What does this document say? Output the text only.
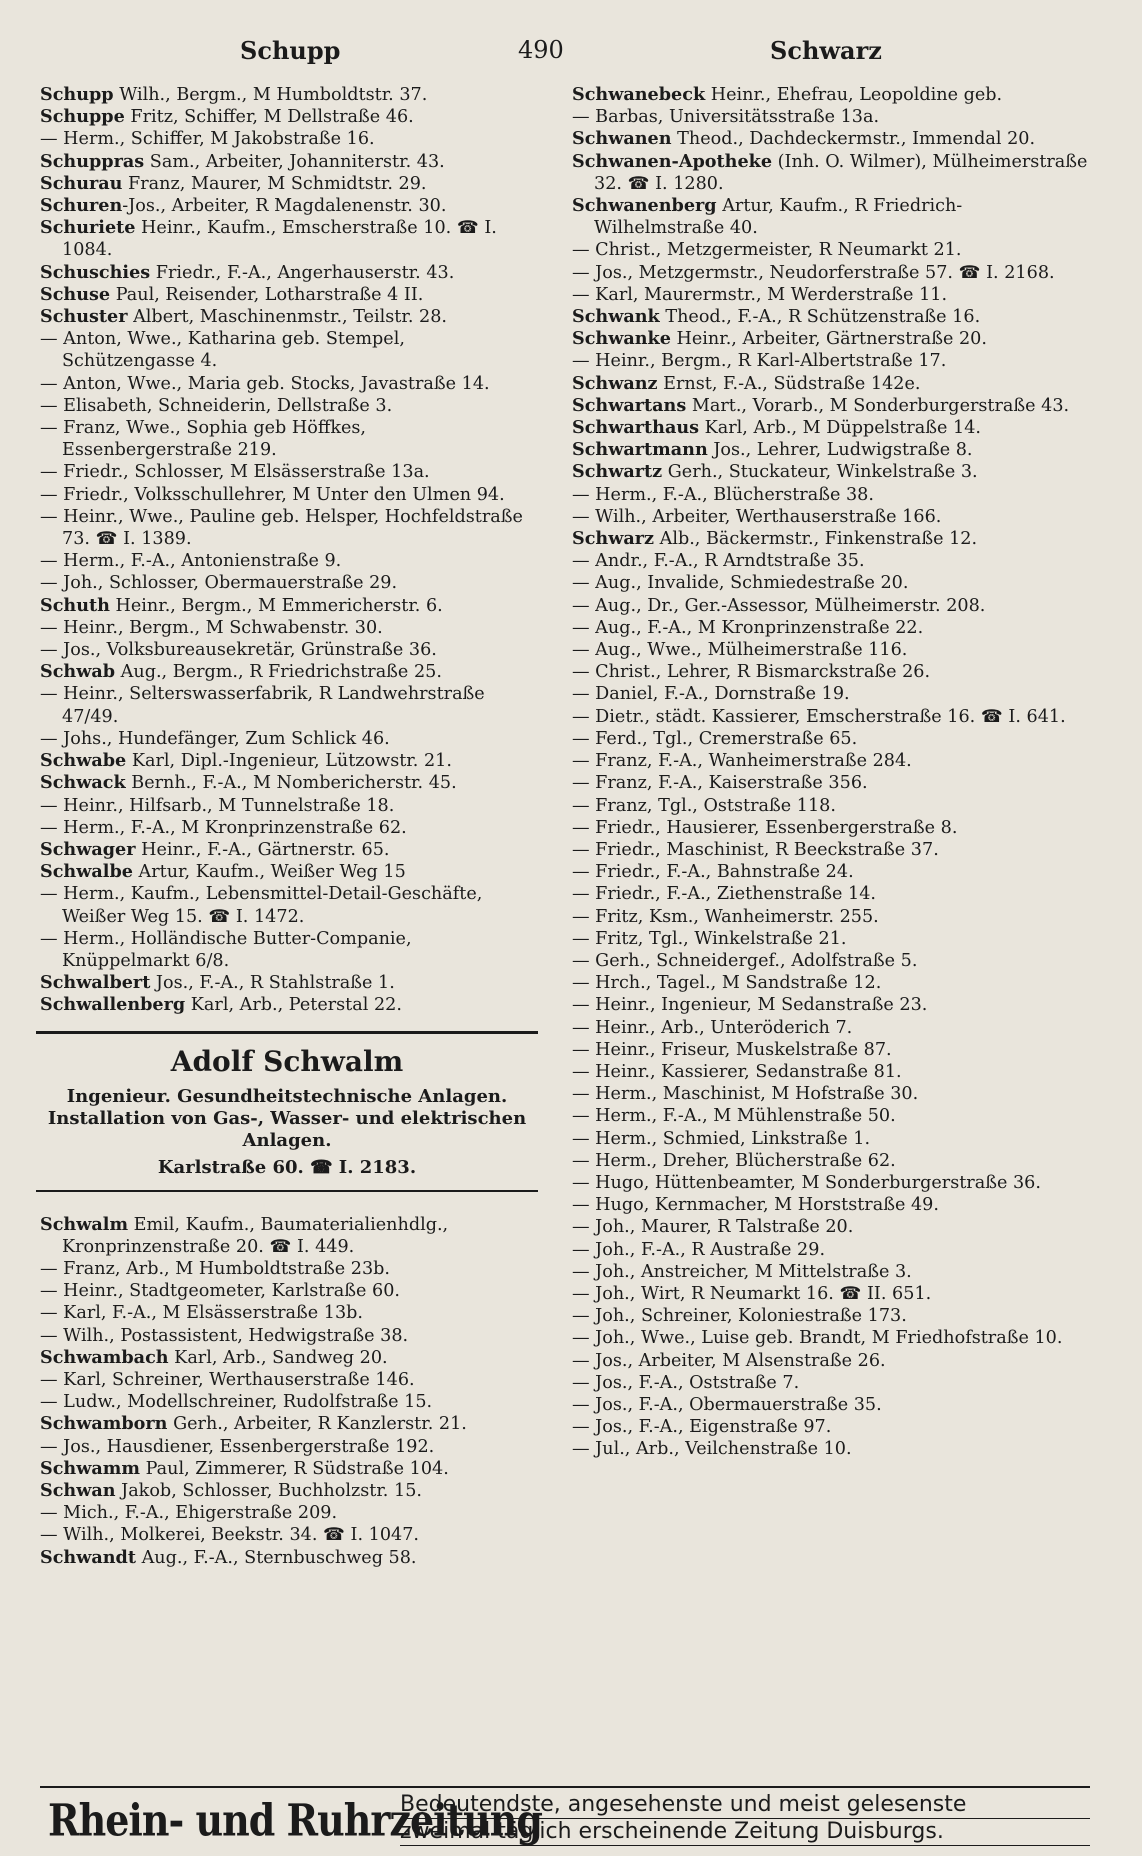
Schupp	490	Schwarz

Schupp Wilh., Bergm., M Humboldtstr. 37.

Schuppe Fritz, Schiffer, M Dellstraße 46.

— Herm., Schiffer, M Jakobstraße 16.

Schuppras Sam., Arbeiter, Johanniterstr. 43.

Schurau Franz, Maurer, M Schmidtstr. 29.

Schuren-Jos., Arbeiter, R Magdalenenstr. 30.

Schuriete Heinr., Kaufm., Emscherstraße 10. ☎ I. 1084.

Schuschies Friedr., F.-A., Angerhauserstr. 43.

Schuse Paul, Reisender, Lotharstraße 4 II.

Schuster Albert, Maschinenmstr., Teilstr. 28.

— Anton, Wwe., Katharina geb. Stempel, Schützengasse 4.

— Anton, Wwe., Maria geb. Stocks, Javastraße 14.

— Elisabeth, Schneiderin, Dellstraße 3.

— Franz, Wwe., Sophia geb Höffkes, Essenbergerstraße 219.

— Friedr., Schlosser, M Elsässerstraße 13a.

— Friedr., Volksschullehrer, M Unter den Ulmen 94.

— Heinr., Wwe., Pauline geb. Helsper, Hochfeldstraße 73. ☎ I. 1389.

— Herm., F.-A., Antonienstraße 9.

— Joh., Schlosser, Obermauerstraße 29.

Schuth Heinr., Bergm., M Emmericherstr. 6.

— Heinr., Bergm., M Schwabenstr. 30.

— Jos., Volksbureausekretär, Grünstraße 36.

Schwab Aug., Bergm., R Friedrichstraße 25.

— Heinr., Selterswasserfabrik, R Landwehrstraße 47/49.

— Johs., Hundefänger, Zum Schlick 46.

Schwabe Karl, Dipl.-Ingenieur, Lützowstr. 21.

Schwack Bernh., F.-A., M Nombericherstr. 45.

— Heinr., Hilfsarb., M Tunnelstraße 18.

— Herm., F.-A., M Kronprinzenstraße 62.

Schwager Heinr., F.-A., Gärtnerstr. 65.

Schwalbe Artur, Kaufm., Weißer Weg 15

— Herm., Kaufm., Lebensmittel-Detail-Geschäfte, Weißer Weg 15. ☎ I. 1472.

— Herm., Holländische Butter-Companie, Knüppelmarkt 6/8.

Schwalbert Jos., F.-A., R Stahlstraße 1.

Schwallenberg Karl, Arb., Peterstal 22.

Adolf Schwalm
Ingenieur. Gesundheitstechnische Anlagen.
Installation von Gas-, Wasser- und elektrischen Anlagen.
Karlstraße 60. ☎ I. 2183.

Schwalm Emil, Kaufm., Baumaterialienhdlg., Kronprinzenstraße 20. ☎ I. 449.

— Franz, Arb., M Humboldtstraße 23b.

— Heinr., Stadtgeometer, Karlstraße 60.

— Karl, F.-A., M Elsässerstraße 13b.

— Wilh., Postassistent, Hedwigstraße 38.

Schwambach Karl, Arb., Sandweg 20.

— Karl, Schreiner, Werthauserstraße 146.

— Ludw., Modellschreiner, Rudolfstraße 15.

Schwamborn Gerh., Arbeiter, R Kanzlerstr. 21.

— Jos., Hausdiener, Essenbergerstraße 192.

Schwamm Paul, Zimmerer, R Südstraße 104.

Schwan Jakob, Schlosser, Buchholzstr. 15.

— Mich., F.-A., Ehigerstraße 209.

— Wilh., Molkerei, Beekstr. 34. ☎ I. 1047.

Schwandt Aug., F.-A., Sternbuschweg 58.

Schwanebeck Heinr., Ehefrau, Leopoldine geb.

— Barbas, Universitätsstraße 13a.

Schwanen Theod., Dachdeckermstr., Immendal 20.

Schwanen-Apotheke (Inh. O. Wilmer), Mülheimerstraße 32. ☎ I. 1280.

Schwanenberg Artur, Kaufm., R Friedrich-Wilhelmstraße 40.

— Christ., Metzgermeister, R Neumarkt 21.

— Jos., Metzgermstr., Neudorferstraße 57. ☎ I. 2168.

— Karl, Maurermstr., M Werderstraße 11.

Schwank Theod., F.-A., R Schützenstraße 16.

Schwanke Heinr., Arbeiter, Gärtnerstraße 20.

— Heinr., Bergm., R Karl-Albertstraße 17.

Schwanz Ernst, F.-A., Südstraße 142e.

Schwartans Mart., Vorarb., M Sonderburgerstraße 43.

Schwarthaus Karl, Arb., M Düppelstraße 14.

Schwartmann Jos., Lehrer, Ludwigstraße 8.

Schwartz Gerh., Stuckateur, Winkelstraße 3.

— Herm., F.-A., Blücherstraße 38.

— Wilh., Arbeiter, Werthauserstraße 166.

Schwarz Alb., Bäckermstr., Finkenstraße 12.

— Andr., F.-A., R Arndtstraße 35.

— Aug., Invalide, Schmiedestraße 20.

— Aug., Dr., Ger.-Assessor, Mülheimerstr. 208.

— Aug., F.-A., M Kronprinzenstraße 22.

— Aug., Wwe., Mülheimerstraße 116.

— Christ., Lehrer, R Bismarckstraße 26.

— Daniel, F.-A., Dornstraße 19.

— Dietr., städt. Kassierer, Emscherstraße 16. ☎ I. 641.

— Ferd., Tgl., Cremerstraße 65.

— Franz, F.-A., Wanheimerstraße 284.

— Franz, F.-A., Kaiserstraße 356.

— Franz, Tgl., Oststraße 118.

— Friedr., Hausierer, Essenbergerstraße 8.

— Friedr., Maschinist, R Beeckstraße 37.

— Friedr., F.-A., Bahnstraße 24.

— Friedr., F.-A., Ziethenstraße 14.

— Fritz, Ksm., Wanheimerstr. 255.

— Fritz, Tgl., Winkelstraße 21.

— Gerh., Schneidergef., Adolfstraße 5.

— Hrch., Tagel., M Sandstraße 12.

— Heinr., Ingenieur, M Sedanstraße 23.

— Heinr., Arb., Unteröderich 7.

— Heinr., Friseur, Muskelstraße 87.

— Heinr., Kassierer, Sedanstraße 81.

— Herm., Maschinist, M Hofstraße 30.

— Herm., F.-A., M Mühlenstraße 50.

— Herm., Schmied, Linkstraße 1.

— Herm., Dreher, Blücherstraße 62.

— Hugo, Hüttenbeamter, M Sonderburgerstraße 36.

— Hugo, Kernmacher, M Horststraße 49.

— Joh., Maurer, R Talstraße 20.

— Joh., F.-A., R Austraße 29.

— Joh., Anstreicher, M Mittelstraße 3.

— Joh., Wirt, R Neumarkt 16. ☎ II. 651.

— Joh., Schreiner, Koloniestraße 173.

— Joh., Wwe., Luise geb. Brandt, M Friedhofstraße 10.

— Jos., Arbeiter, M Alsenstraße 26.

— Jos., F.-A., Oststraße 7.

— Jos., F.-A., Obermauerstraße 35.

— Jos., F.-A., Eigenstraße 97.

— Jul., Arb., Veilchenstraße 10.

Rhein- und Ruhrzeitung
Bedeutendste, angesehenste und meist gelesenste
zweimal täglich erscheinende Zeitung Duisburgs.
